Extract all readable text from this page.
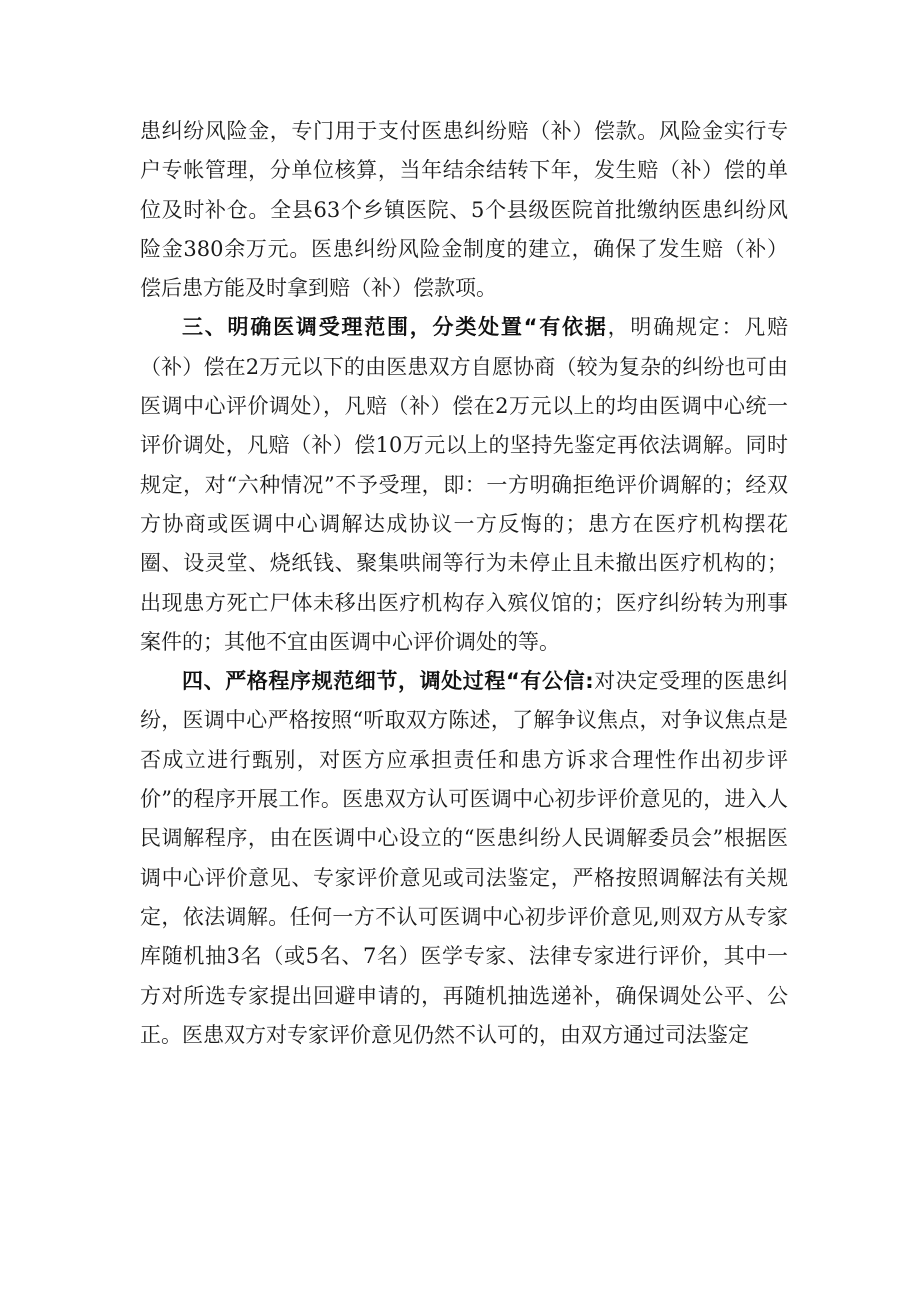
患纠纷风险金，专门用于支付医患纠纷赔（补）偿款。风险金实行专户专帐管理，分单位核算，当年结余结转下年，发生赔（补）偿的单位及时补仓。全县63个乡镇医院、5个县级医院首批缴纳医患纠纷风险金380余万元。医患纠纷风险金制度的建立，确保了发生赔（补）偿后患方能及时拿到赔（补）偿款项。

三、明确医调受理范围，分类处置“有依据，明确规定：凡赔（补）偿在2万元以下的由医患双方自愿协商（较为复杂的纠纷也可由医调中心评价调处），凡赔（补）偿在2万元以上的均由医调中心统一评价调处，凡赔（补）偿10万元以上的坚持先鉴定再依法调解。同时规定，对“六种情况”不予受理，即：一方明确拒绝评价调解的；经双方协商或医调中心调解达成协议一方反悔的；患方在医疗机构摆花圈、设灵堂、烧纸钱、聚集哄闹等行为未停止且未撤出医疗机构的；出现患方死亡尸体未移出医疗机构存入殡仪馆的；医疗纠纷转为刑事案件的；其他不宜由医调中心评价调处的等。

四、严格程序规范细节，调处过程“有公信:对决定受理的医患纠纷，医调中心严格按照“听取双方陈述，了解争议焦点，对争议焦点是否成立进行甄别，对医方应承担责任和患方诉求合理性作出初步评价”的程序开展工作。医患双方认可医调中心初步评价意见的，进入人民调解程序，由在医调中心设立的“医患纠纷人民调解委员会”根据医调中心评价意见、专家评价意见或司法鉴定，严格按照调解法有关规定，依法调解。任何一方不认可医调中心初步评价意见,则双方从专家库随机抽3名（或5名、7名）医学专家、法律专家进行评价，其中一方对所选专家提出回避申请的，再随机抽选递补，确保调处公平、公正。医患双方对专家评价意见仍然不认可的，由双方通过司法鉴定
